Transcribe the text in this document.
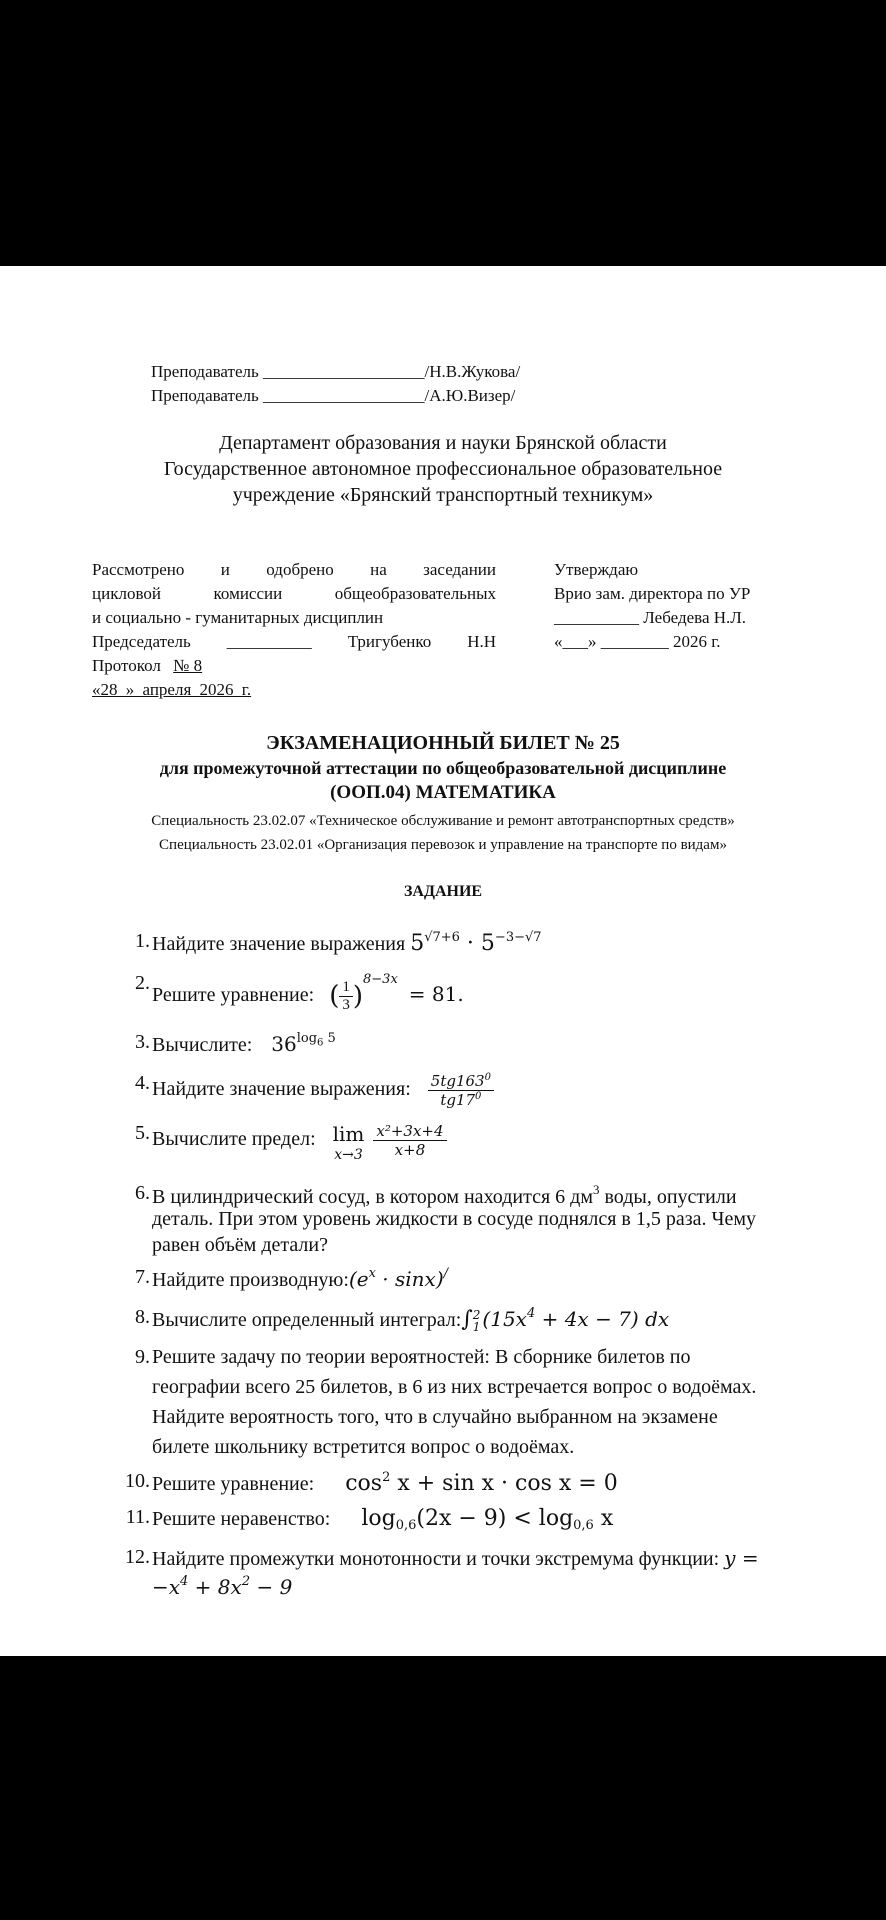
Преподаватель ___________________/Н.В.Жукова/
Преподаватель ___________________/А.Ю.Визер/
Департамент образования и науки Брянской области
Государственное автономное профессиональное образовательное
учреждение «Брянский транспортный техникум»
Рассмотрено и одобрено на заседании
цикловой комиссии общеобразовательных
и социально - гуманитарных дисциплин
Председатель __________ Тригубенко Н.Н
Протокол № 8
«28 » апреля 2026 г.
Утверждаю
Врио зам. директора по УР
__________ Лебедева Н.Л.
«___» ________ 2026 г.
ЭКЗАМЕНАЦИОННЫЙ БИЛЕТ № 25
для промежуточной аттестации по общеобразовательной дисциплине
(ООП.04) МАТЕМАТИКА
Специальность 23.02.07 «Техническое обслуживание и ремонт автотранспортных средств»
Специальность 23.02.01 «Организация перевозок и управление на транспорте по видам»
ЗАДАНИЕ
1. Найдите значение выражения $5^{√7+6} \cdot 5^{-3-√7}$
2.
Решите уравнение: ( $\frac{1}{3} )^{8-3x} = 81$.
3. Вычислите: $36^{log_6 5}$
4. Найдите значение выражения: $\frac{5tg163^0}{tg17^0}$
5. Вычислите предел: lim
x→3
$\frac{\text{x²+3x+4}}{x+8}$
6. В цилиндрический сосуд, в котором находится 6 $дм^3$ воды, опустили
деталь. При этом уровень жидкости в сосуде поднялся в 1,5 раза. Чему
равен объём детали?
7. Найдите $производную:(e^x \cdot \sin x)^/$
8. Вычислите определенный интеграл:∫ 2
1 $(15x^4 + 4x - 7)$ dx
9. Решите задачу по теории вероятностей: В сборнике билетов по
географии всего 25 билетов, в 6 из них встречается вопрос о водоёмах.
Найдите вероятность того, что в случайно выбранном на экзамене
билете школьнику встретится вопрос о водоёмах.
10. Решите уравнение: $\cos^2 x + \sin x \cdot \cos x = 0$
11. Решите неравенство: $\log_{0,6}(2x - 9) < \log_{0,6} x$
12. Найдите промежутки монотонности и точки экстремума функции: y =
$-x^4 + 8x^2 - 9$
